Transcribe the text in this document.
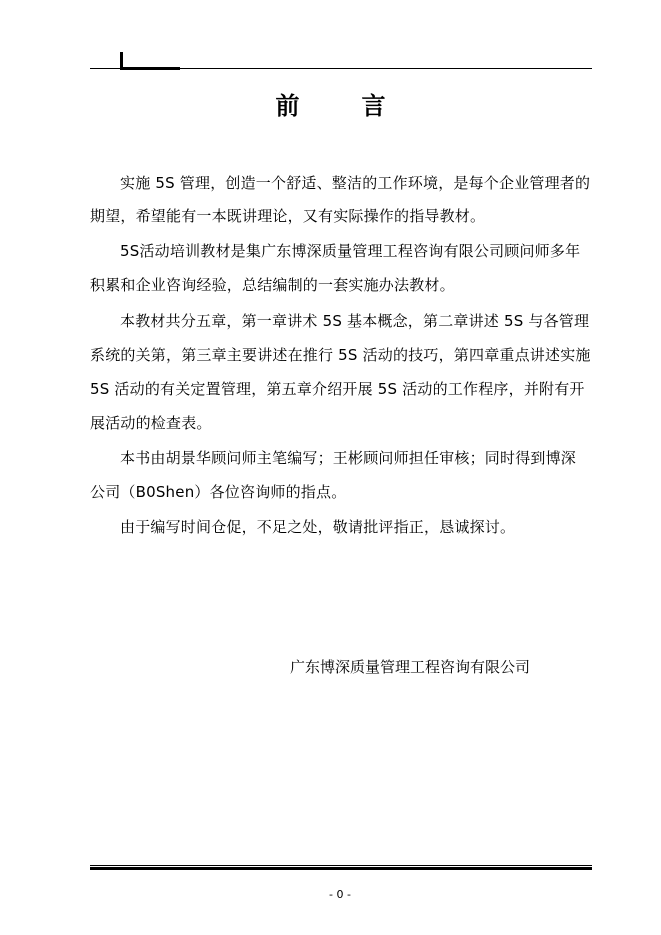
前	言
实施 5S 管理，创造一个舒适、整洁的工作环境，是每个企业管理者的
期望，希望能有一本既讲理论，又有实际操作的指导教材。
5S活动培训教材是集广东博深质量管理工程咨询有限公司顾问师多年
积累和企业咨询经验，总结编制的一套实施办法教材。
本教材共分五章，第一章讲术 5S 基本概念，第二章讲述 5S 与各管理
系统的关第，第三章主要讲述在推行 5S 活动的技巧，第四章重点讲述实施
5S 活动的有关定置管理，第五章介绍开展 5S 活动的工作程序，并附有开
展活动的检查表。
本书由胡景华顾问师主笔编写；王彬顾问师担任审核；同时得到博深
公司（B0Shen）各位咨询师的指点。
由于编写时间仓促，不足之处，敬请批评指正，恳诚探讨。
广东博深质量管理工程咨询有限公司
- 0 -
